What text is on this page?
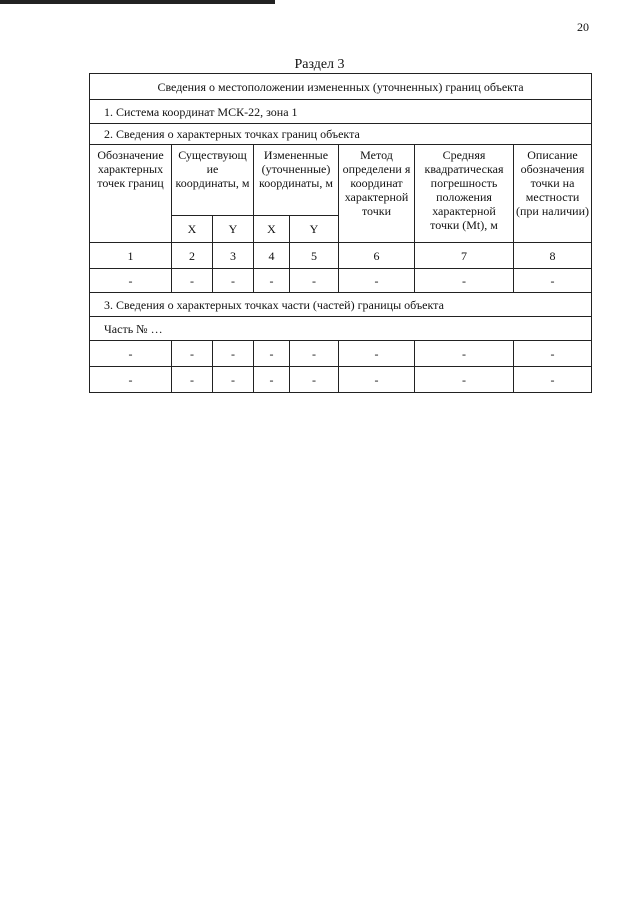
20
Раздел 3
Сведения о местоположении измененных (уточненных) границ объекта							
1. Система координат МСК-22, зона 1							
2. Сведения о характерных точках границ объекта							
Обозначение характерных точек границ	Существующ ие координаты, м		Измененные (уточненные) координаты, м		Метод определени я координат характерной точки	Средняя квадратическая погрешность положения характерной точки (Mt), м	Описание обозначения точки на местности (при наличии)
	X	Y	X	Y			
1	2	3	4	5	6	7	8
-	-	-	-	-	-	-	-
3. Сведения о характерных точках части (частей) границы объекта							
Часть № …							
-	-	-	-	-	-	-	-
-	-	-	-	-	-	-	-
